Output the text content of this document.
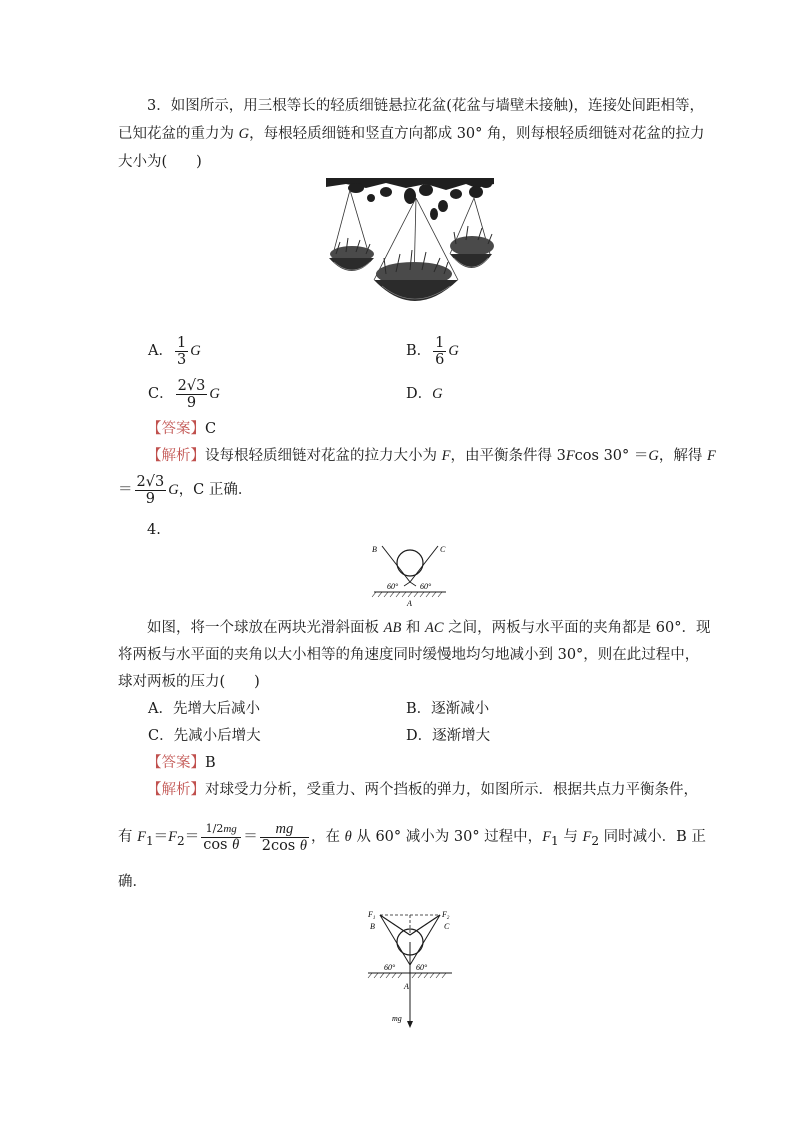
3．如图所示，用三根等长的轻质细链悬拉花盆(花盆与墙壁未接触)，连接处间距相等，
已知花盆的重力为 G，每根轻质细链和竖直方向都成 30° 角，则每根轻质细链对花盆的拉力
大小为(　　)
A． $\frac{1}{3}$ G	B． $\frac{1}{6}$ G
C． $\frac{2√3}{9}$ G	D．G
【答案】C
【解析】设每根轻质细链对花盆的拉力大小为 F，由平衡条件得 3Fcos 30° ＝G，解得 F
＝ $\frac{2√3}{9}$ G，C 正确．
4.
B	C
60°	60°
A
如图，将一个球放在两块光滑斜面板 AB 和 AC 之间，两板与水平面的夹角都是 60°．现
将两板与水平面的夹角以大小相等的角速度同时缓慢地均匀地减小到 30°，则在此过程中，
球对两板的压力(　　)
A．先增大后减小	B．逐渐减小
C．先减小后增大	D．逐渐增大
【答案】B
【解析】对球受力分析，受重力、两个挡板的弹力，如图所示．根据共点力平衡条件，
有 $F_1=F_2= \frac{1/2mg}{\text{cos θ}} = \frac{mg}{\text{2cos θ}}$ ，在 θ 从 60° 减小为 30° 过程中，$F_1$ 与 $F_2$ 同时减小．B 正
确．
$F_1$	$F_2$
B	C
60°	60°
A
mg
